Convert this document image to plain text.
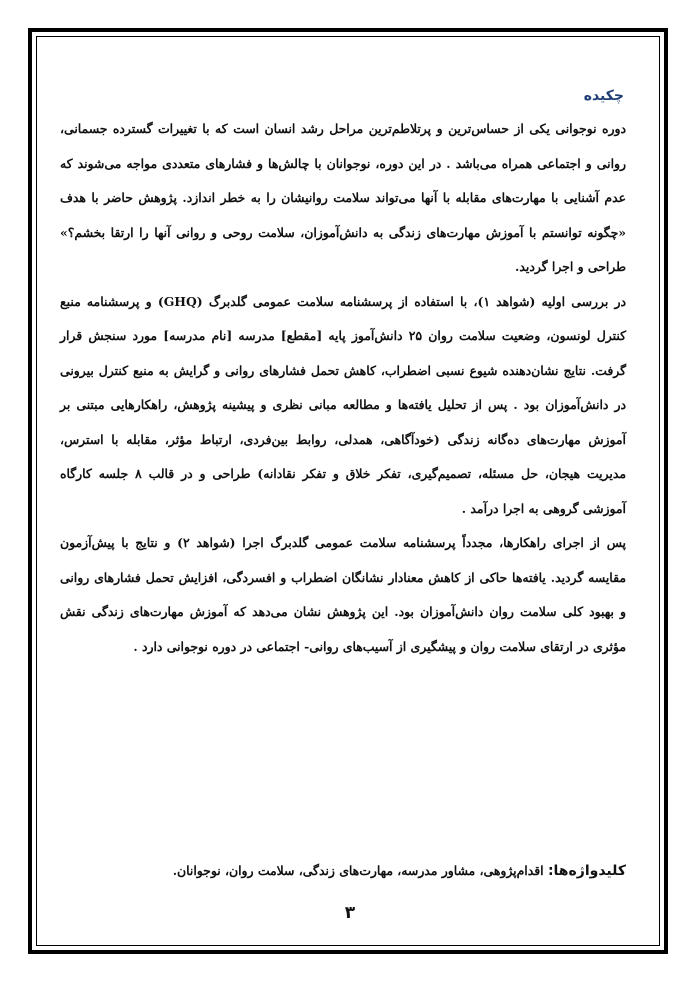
چکیده

دوره نوجوانی یکی از حساس‌ترین و پرتلاطم‌ترین مراحل رشد انسان است که با تغییرات گسترده جسمانی، روانی و اجتماعی همراه می‌باشد . در این دوره، نوجوانان با چالش‌ها و فشارهای متعددی مواجه می‌شوند که عدم آشنایی با مهارت‌های مقابله با آنها می‌تواند سلامت روانیشان را به خطر اندازد. پژوهش حاضر با هدف «چگونه توانستم با آموزش مهارت‌های زندگی به دانش‌آموزان، سلامت روحی و روانی آنها را ارتقا بخشم؟» طراحی و اجرا گردید.

در بررسی اولیه (شواهد ۱)، با استفاده از پرسشنامه سلامت عمومی گلدبرگ (GHQ) و پرسشنامه منبع کنترل لونسون، وضعیت سلامت روان ۲۵ دانش‌آموز پایه [مقطع] مدرسه [نام مدرسه] مورد سنجش قرار گرفت. نتایج نشان‌دهنده شیوع نسبی اضطراب، کاهش تحمل فشارهای روانی و گرایش به منبع کنترل بیرونی در دانش‌آموزان بود . پس از تحلیل یافته‌ها و مطالعه مبانی نظری و پیشینه پژوهش، راهکارهایی مبتنی بر آموزش مهارت‌های ده‌گانه زندگی (خودآگاهی، همدلی، روابط بین‌فردی، ارتباط مؤثر، مقابله با استرس، مدیریت هیجان، حل مسئله، تصمیم‌گیری، تفکر خلاق و تفکر نقادانه) طراحی و در قالب ۸ جلسه کارگاه آموزشی گروهی به اجرا درآمد .

پس از اجرای راهکارها، مجدداً پرسشنامه سلامت عمومی گلدبرگ اجرا (شواهد ۲) و نتایج با پیش‌آزمون مقایسه گردید. یافته‌ها حاکی از کاهش معنادار نشانگان اضطراب و افسردگی، افزایش تحمل فشارهای روانی و بهبود کلی سلامت روان دانش‌آموزان بود. این پژوهش نشان می‌دهد که آموزش مهارت‌های زندگی نقش مؤثری در ارتقای سلامت روان و پیشگیری از آسیب‌های روانی- اجتماعی در دوره نوجوانی دارد .

کلیدواژه‌ها: اقدام‌پژوهی، مشاور مدرسه، مهارت‌های زندگی، سلامت روان، نوجوانان.
۳
